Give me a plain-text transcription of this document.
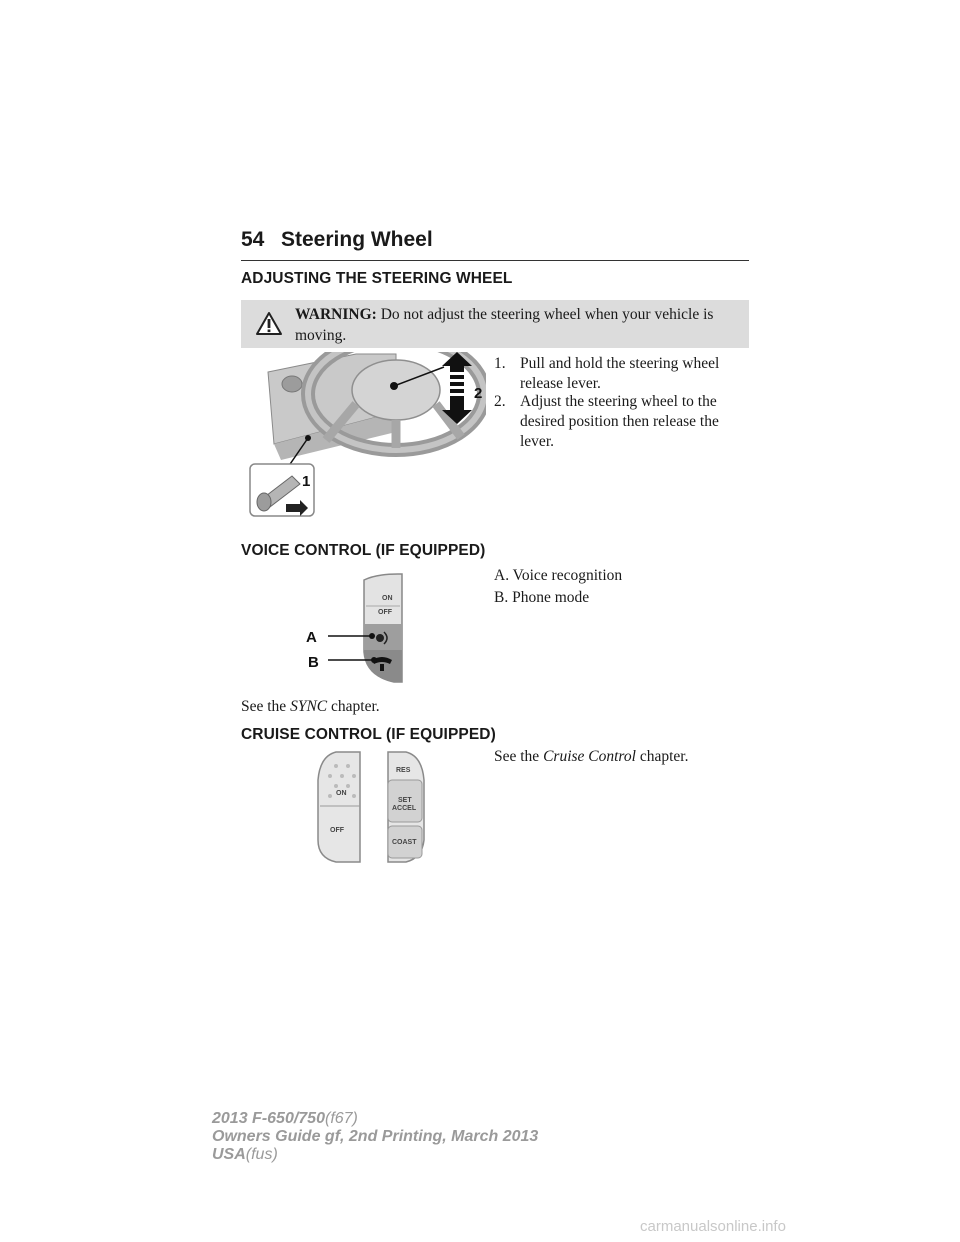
54 Steering Wheel
ADJUSTING THE STEERING WHEEL
WARNING: Do not adjust the steering wheel when your vehicle is moving.
2
1
1. Pull and hold the steering wheel release lever.
2. Adjust the steering wheel to the desired position then release the lever.
VOICE CONTROL (IF EQUIPPED)
ON
OFF
A
B
A. Voice recognition
B. Phone mode
See the SYNC chapter.
CRUISE CONTROL (IF EQUIPPED)
ON
OFF
RES
SET
ACCEL
COAST
See the Cruise Control chapter.
2013 F-650/750(f67)
Owners Guide gf, 2nd Printing, March 2013
USA(fus)
carmanualsonline.info
